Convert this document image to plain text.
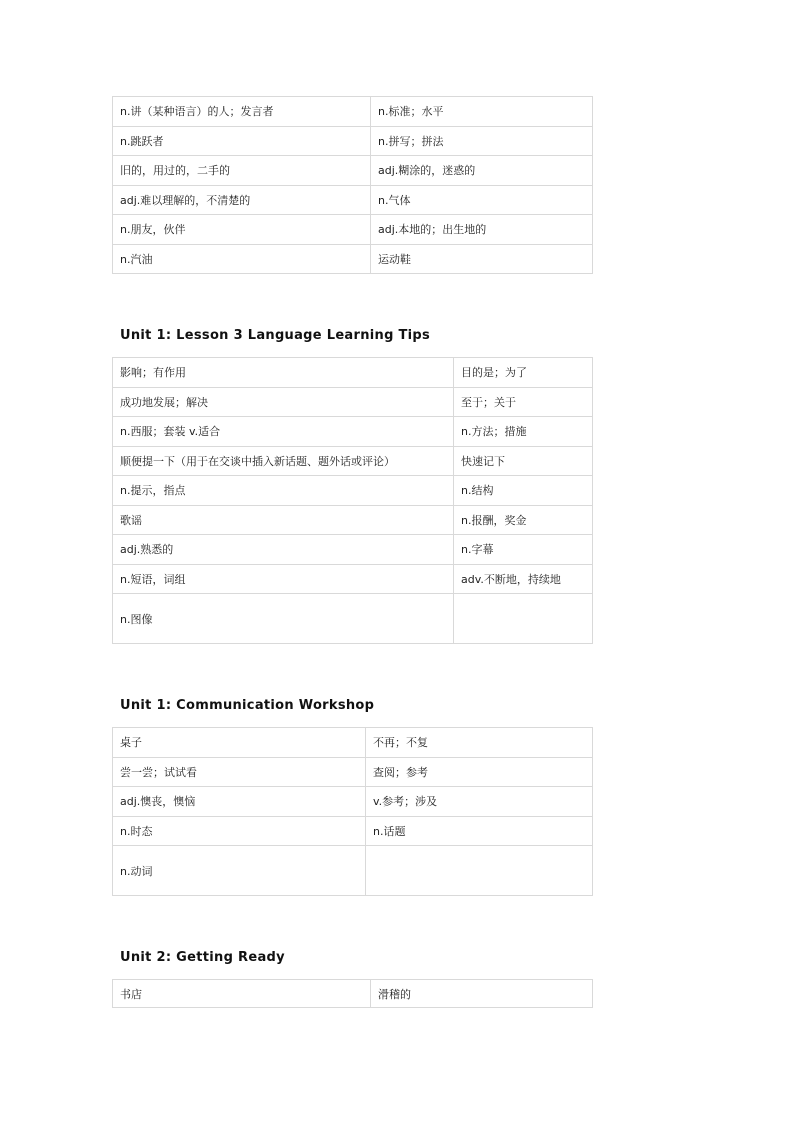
n.讲（某种语言）的人；发言者	n.标准；水平
n.跳跃者	n.拼写；拼法
旧的，用过的，二手的	adj.糊涂的，迷惑的
adj.难以理解的，不清楚的	n.气体
n.朋友，伙伴	adj.本地的；出生地的
n.汽油	运动鞋
Unit 1: Lesson 3 Language Learning Tips
影响；有作用	目的是；为了
成功地发展；解决	至于；关于
n.西服；套装 v.适合	n.方法；措施
顺便提一下（用于在交谈中插入新话题、题外话或评论）	快速记下
n.提示，指点	n.结构
歌谣	n.报酬，奖金
adj.熟悉的	n.字幕
n.短语，词组	adv.不断地，持续地
n.图像	
Unit 1: Communication Workshop
桌子	不再；不复
尝一尝；试试看	查阅；参考
adj.懊丧，懊恼	v.参考；涉及
n.时态	n.话题
n.动词	
Unit 2: Getting Ready
书店	滑稽的
